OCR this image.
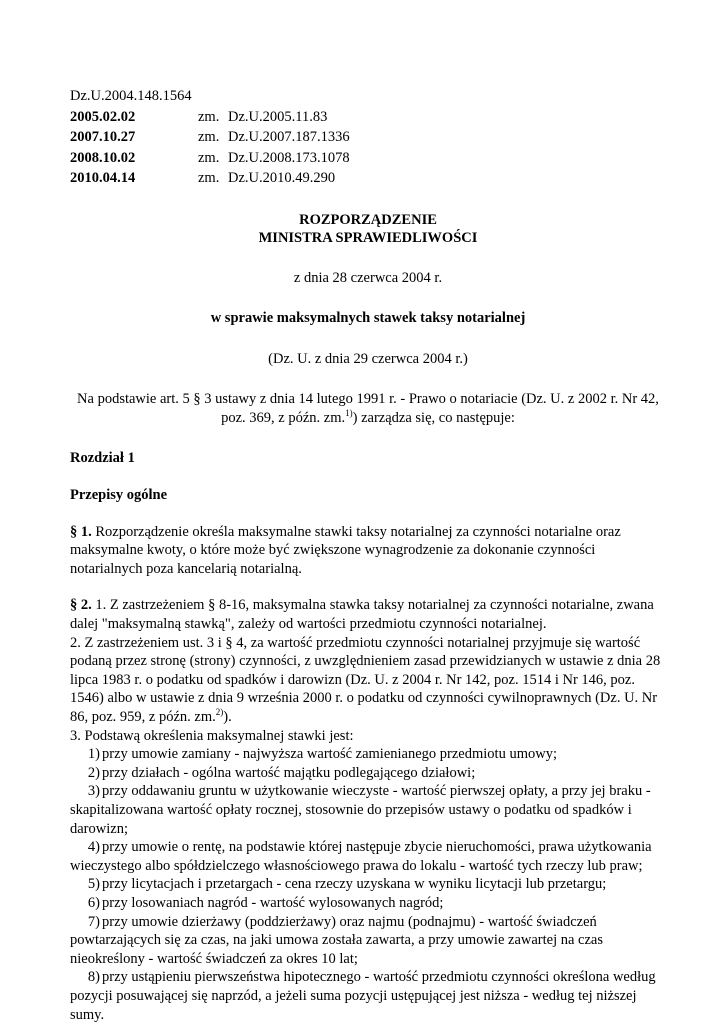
Dz.U.2004.148.1564
2005.02.02	zm. Dz.U.2005.11.83
2007.10.27	zm. Dz.U.2007.187.1336
2008.10.02	zm. Dz.U.2008.173.1078
2010.04.14	zm. Dz.U.2010.49.290
ROZPORZĄDZENIE
MINISTRA SPRAWIEDLIWOŚCI
z dnia 28 czerwca 2004 r.
w sprawie maksymalnych stawek taksy notarialnej
(Dz. U. z dnia 29 czerwca 2004 r.)
Na podstawie art. 5 § 3 ustawy z dnia 14 lutego 1991 r. - Prawo o notariacie (Dz. U. z 2002 r. Nr 42,
poz. 369, z późn. zm.$^{1)}$) zarządza się, co następuje:
Rozdział 1
Przepisy ogólne
§ 1. Rozporządzenie określa maksymalne stawki taksy notarialnej za czynności notarialne oraz maksymalne kwoty, o które może być zwiększone wynagrodzenie za dokonanie czynności notarialnych poza kancelarią notarialną.
§ 2. 1. Z zastrzeżeniem § 8-16, maksymalna stawka taksy notarialnej za czynności notarialne, zwana dalej "maksymalną stawką", zależy od wartości przedmiotu czynności notarialnej.
2. Z zastrzeżeniem ust. 3 i § 4, za wartość przedmiotu czynności notarialnej przyjmuje się wartość podaną przez stronę (strony) czynności, z uwzględnieniem zasad przewidzianych w ustawie z dnia 28 lipca 1983 r. o podatku od spadków i darowizn (Dz. U. z 2004 r. Nr 142, poz. 1514 i Nr 146, poz. 1546) albo w ustawie z dnia 9 września 2000 r. o podatku od czynności cywilnoprawnych (Dz. U. Nr 86, poz. 959, z późn. zm.$^{2)}$).
3. Podstawą określenia maksymalnej stawki jest:
1) przy umowie zamiany - najwyższa wartość zamienianego przedmiotu umowy;
2) przy działach - ogólna wartość majątku podlegającego działowi;
3) przy oddawaniu gruntu w użytkowanie wieczyste - wartość pierwszej opłaty, a przy jej braku - skapitalizowana wartość opłaty rocznej, stosownie do przepisów ustawy o podatku od spadków i darowizn;
4) przy umowie o rentę, na podstawie której następuje zbycie nieruchomości, prawa użytkowania wieczystego albo spółdzielczego własnościowego prawa do lokalu - wartość tych rzeczy lub praw;
5) przy licytacjach i przetargach - cena rzeczy uzyskana w wyniku licytacji lub przetargu;
6) przy losowaniach nagród - wartość wylosowanych nagród;
7) przy umowie dzierżawy (poddzierżawy) oraz najmu (podnajmu) - wartość świadczeń powtarzających się za czas, na jaki umowa została zawarta, a przy umowie zawartej na czas nieokreślony - wartość świadczeń za okres 10 lat;
8) przy ustąpieniu pierwszeństwa hipotecznego - wartość przedmiotu czynności określona według pozycji posuwającej się naprzód, a jeżeli suma pozycji ustępującej jest niższa - według tej niższej sumy.
